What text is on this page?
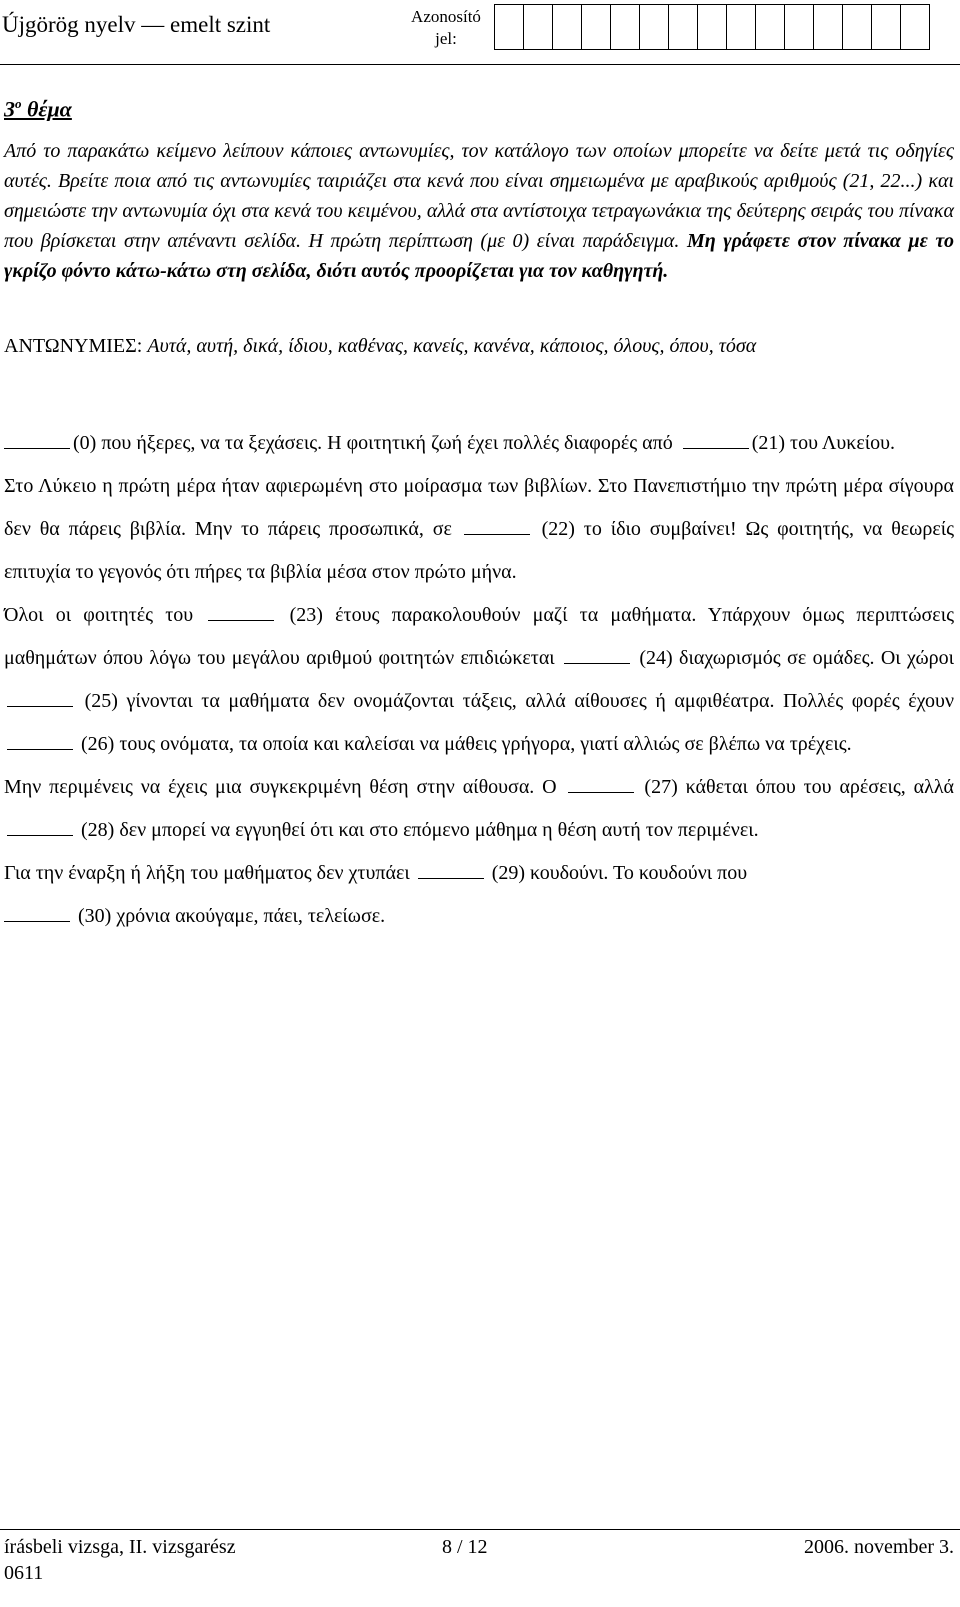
Újgörög nyelv — emelt szint	Azonosító jel:
$3^o$ θέμα
Από το παρακάτω κείμενο λείπουν κάποιες αντωνυμίες, τον κατάλογο των οποίων μπορείτε να δείτε μετά τις οδηγίες αυτές. Βρείτε ποια από τις αντωνυμίες ταιριάζει στα κενά που είναι σημειωμένα με αραβικούς αριθμούς (21, 22...) και σημειώστε την αντωνυμία όχι στα κενά του κειμένου, αλλά στα αντίστοιχα τετραγωνάκια της δεύτερης σειράς του πίνακα που βρίσκεται στην απέναντι σελίδα. Η πρώτη περίπτωση (με 0) είναι παράδειγμα. Μη γράφετε στον πίνακα με το γκρίζο φόντο κάτω-κάτω στη σελίδα, διότι αυτός προορίζεται για τον καθηγητή.
ΑΝΤΩΝΥΜΙΕΣ: Αυτά, αυτή, δικά, ίδιου, καθένας, κανείς, κανένα, κάποιος, όλους, όπου, τόσα

(0) που ήξερες, να τα ξεχάσεις. Η φοιτητική ζωή έχει πολλές διαφορές από	(21) του Λυκείου.

Στο Λύκειο η πρώτη μέρα ήταν αφιερωμένη στο μοίρασμα των βιβλίων. Στο Πανεπιστήμιο την πρώτη μέρα σίγουρα δεν θα πάρεις βιβλία. Μην το πάρεις προσωπικά, σε	(22) το ίδιο συμβαίνει! Ως φοιτητής, να θεωρείς επιτυχία το γεγονός ότι πήρες τα βιβλία μέσα στον πρώτο μήνα.

Όλοι οι φοιτητές του	(23) έτους παρακολουθούν μαζί τα μαθήματα. Υπάρχουν όμως περιπτώσεις μαθημάτων όπου λόγω του μεγάλου αριθμού φοιτητών επιδιώκεται	(24) διαχωρισμός σε ομάδες. Οι χώροι  (25) γίνονται τα μαθήματα δεν ονομάζονται τάξεις, αλλά αίθουσες ή αμφιθέατρα. Πολλές φορές έχουν  (26) τους ονόματα, τα οποία και καλείσαι να μάθεις γρήγορα, γιατί αλλιώς σε βλέπω να τρέχεις.

Μην περιμένεις να έχεις μια συγκεκριμένη θέση στην αίθουσα. Ο	(27) κάθεται όπου του αρέσεις, αλλά  (28) δεν μπορεί να εγγυηθεί ότι και στο επόμενο μάθημα η θέση αυτή τον περιμένει.

Για την έναρξη ή λήξη του μαθήματος δεν χτυπάει	(29) κουδούνι. Το κουδούνι που
(30) χρόνια ακούγαμε, πάει, τελείωσε.

írásbeli vizsga, II. vizsgarész	8 / 12	2006. november 3.
0611
